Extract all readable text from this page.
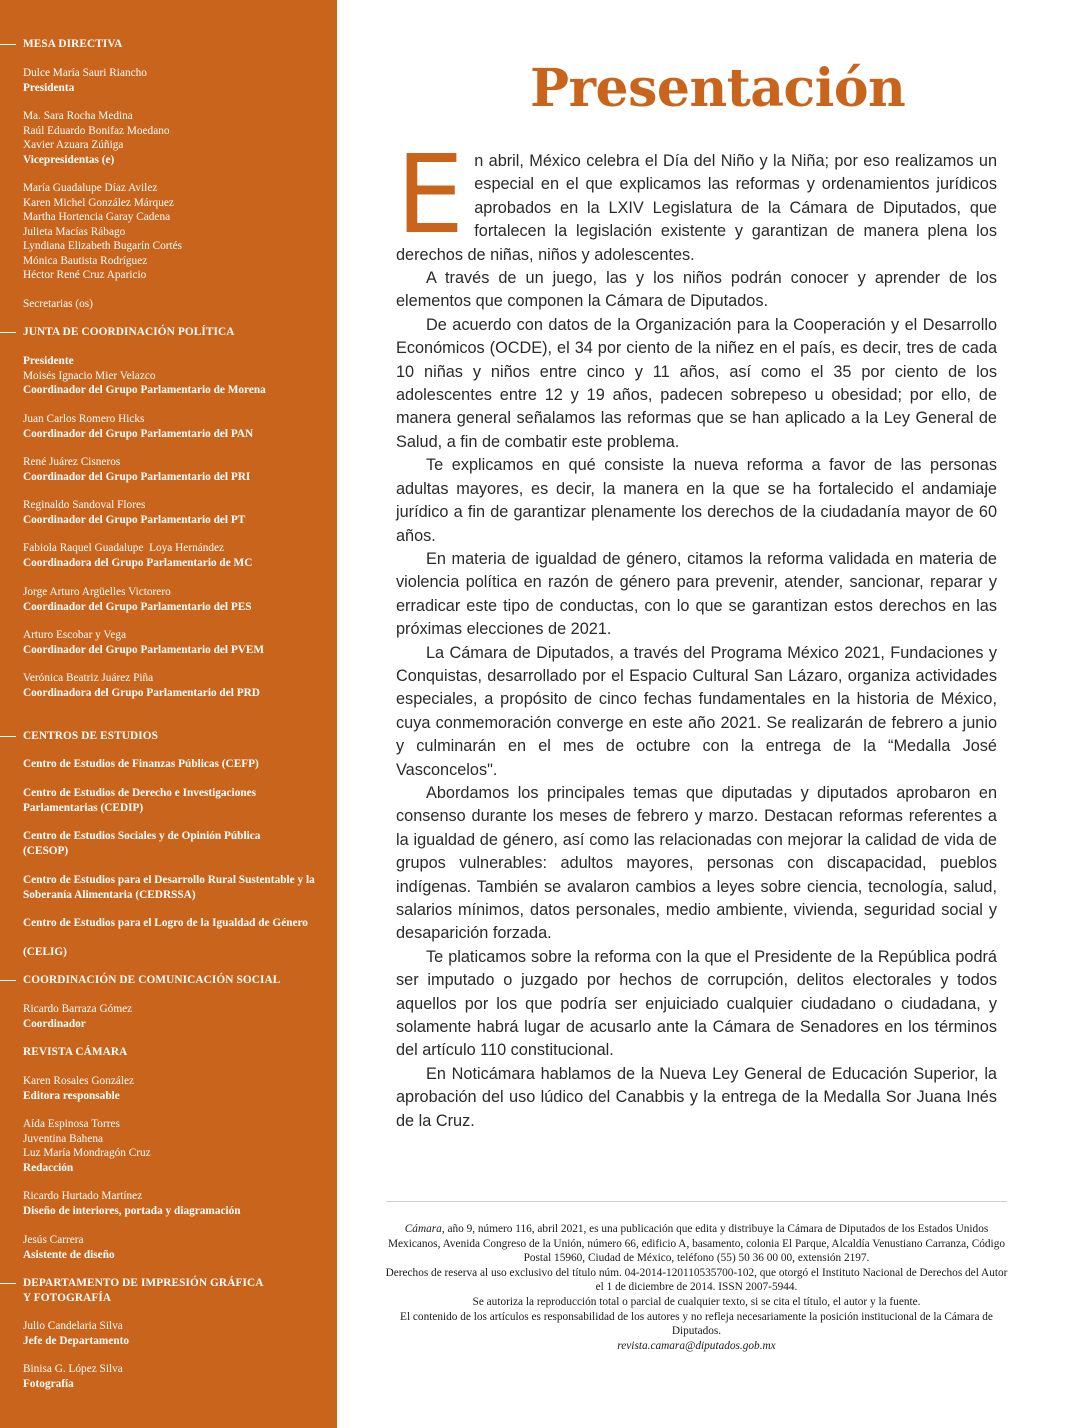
MESA DIRECTIVA
Dulce María Sauri Riancho
Presidenta
Ma. Sara Rocha Medina
Raúl Eduardo Bonifaz Moedano
Xavier Azuara Zúñiga
Vicepresidentas (e)
María Guadalupe Díaz Avilez
Karen Michel González Márquez
Martha Hortencia Garay Cadena
Julieta Macías Rábago
Lyndiana Elizabeth Bugarín Cortés
Mónica Bautista Rodríguez
Héctor René Cruz Aparicio
Secretarias (os)
JUNTA DE COORDINACIÓN POLÍTICA
Presidente
Moisés Ignacio Mier Velazco
Coordinador del Grupo Parlamentario de Morena
Juan Carlos Romero Hicks
Coordinador del Grupo Parlamentario del PAN
René Juárez Cisneros
Coordinador del Grupo Parlamentario del PRI
Reginaldo Sandoval Flores
Coordinador del Grupo Parlamentario del PT
Fabiola Raquel Guadalupe  Loya Hernández
Coordinadora del Grupo Parlamentario de MC
Jorge Arturo Argüelles Victorero
Coordinador del Grupo Parlamentario del PES
Arturo Escobar y Vega
Coordinador del Grupo Parlamentario del PVEM
Verónica Beatriz Juárez Piña
Coordinadora del Grupo Parlamentario del PRD
CENTROS DE ESTUDIOS
Centro de Estudios de Finanzas Públicas (CEFP)
Centro de Estudios de Derecho e Investigaciones Parlamentarias (CEDIP)
Centro de Estudios Sociales y de Opinión Pública (CESOP)
Centro de Estudios para el Desarrollo Rural Sustentable y la Soberanía Alimentaria (CEDRSSA)
Centro de Estudios para el Logro de la Igualdad de Género
(CELIG)
COORDINACIÓN DE COMUNICACIÓN SOCIAL
Ricardo Barraza Gómez
Coordinador
REVISTA CÁMARA
Karen Rosales González
Editora responsable
Aída Espinosa Torres
Juventina Bahena
Luz María Mondragón Cruz
Redacción
Ricardo Hurtado Martínez
Diseño de interiores, portada y diagramación
Jesús Carrera
Asistente de diseño
DEPARTAMENTO DE IMPRESIÓN GRÁFICA
Y FOTOGRAFÍA
Julio Candelaria Silva
Jefe de Departamento
Binisa G. López Silva
Fotografía
Presentación

En abril, México celebra el Día del Niño y la Niña; por eso realizamos un especial en el que explicamos las reformas y ordenamientos jurídicos aprobados en la LXIV Legislatura de la Cámara de Diputados, que fortalecen la legislación existente y garantizan de manera plena los derechos de niñas, niños y adolescentes.

A través de un juego, las y los niños podrán conocer y aprender de los elementos que componen la Cámara de Diputados.

De acuerdo con datos de la Organización para la Cooperación y el Desarrollo Económicos (OCDE), el 34 por ciento de la niñez en el país, es decir, tres de cada 10 niñas y niños entre cinco y 11 años, así como el 35 por ciento de los adolescentes entre 12 y 19 años, padecen sobrepeso u obesidad; por ello, de manera general señalamos las reformas que se han aplicado a la Ley General de Salud, a fin de combatir este problema.

Te explicamos en qué consiste la nueva reforma a favor de las personas adultas mayores, es decir, la manera en la que se ha fortalecido el andamiaje jurídico a fin de garantizar plenamente los derechos de la ciudadanía mayor de 60 años.

En materia de igualdad de género, citamos la reforma validada en materia de violencia política en razón de género para prevenir, atender, sancionar, reparar y erradicar este tipo de conductas, con lo que se garantizan estos derechos en las próximas elecciones de 2021.

La Cámara de Diputados, a través del Programa México 2021, Fundaciones y Conquistas, desarrollado por el Espacio Cultural San Lázaro, organiza actividades especiales, a propósito de cinco fechas fundamentales en la historia de México, cuya conmemoración converge en este año 2021. Se realizarán de febrero a junio y culminarán en el mes de octubre con la entrega de la “Medalla José Vasconcelos".

Abordamos los principales temas que diputadas y diputados aprobaron en consenso durante los meses de febrero y marzo. Destacan reformas referentes a la igualdad de género, así como las relacionadas con mejorar la calidad de vida de grupos vulnerables: adultos mayores, personas con discapacidad, pueblos indígenas. También se avalaron cambios a leyes sobre ciencia, tecnología, salud, salarios mínimos, datos personales, medio ambiente, vivienda, seguridad social y desaparición forzada.

Te platicamos sobre la reforma con la que el Presidente de la República podrá ser imputado o juzgado por hechos de corrupción, delitos electorales y todos aquellos por los que podría ser enjuiciado cualquier ciudadano o ciudadana, y solamente habrá lugar de acusarlo ante la Cámara de Senadores en los términos del artículo 110 constitucional.

En Noticámara hablamos de la Nueva Ley General de Educación Superior, la aprobación del uso lúdico del Canabbis y la entrega de la Medalla Sor Juana Inés de la Cruz.

Cámara, año 9, número 116, abril 2021, es una publicación que edita y distribuye la Cámara de Diputados de los Estados Unidos Mexicanos, Avenida Congreso de la Unión, número 66, edificio A, basamento, colonia El Parque, Alcaldía Venustiano Carranza, Código Postal 15960, Ciudad de México, teléfono (55) 50 36 00 00, extensión 2197.

Derechos de reserva al uso exclusivo del título núm. 04-2014-120110535700-102, que otorgó el Instituto Nacional de Derechos del Autor el 1 de diciembre de 2014. ISSN 2007-5944.

Se autoriza la reproducción total o parcial de cualquier texto, si se cita el título, el autor y la fuente.

El contenido de los artículos es responsabilidad de los autores y no refleja necesariamente la posición institucional de la Cámara de Diputados.

revista.camara@diputados.gob.mx
